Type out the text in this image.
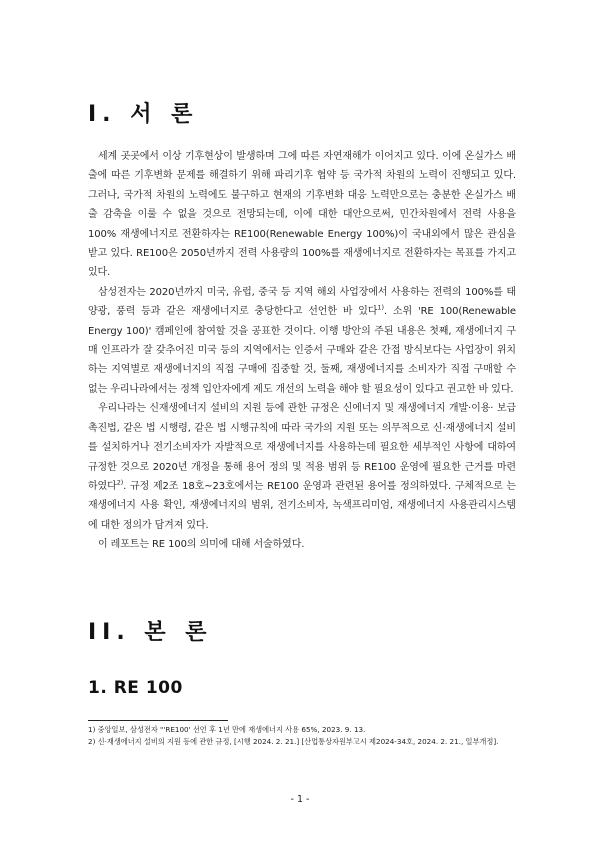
I. 서 론

세계 곳곳에서 이상 기후현상이 발생하며 그에 따른 자연재해가 이어지고 있다. 이에 온실가스 배출에 따른 기후변화 문제를 해결하기 위해 파리기후 협약 등 국가적 차원의 노력이 진행되고 있다. 그러나, 국가적 차원의 노력에도 불구하고 현재의 기후변화 대응 노력만으로는 충분한 온실가스 배출 감축을 이룰 수 없을 것으로 전망되는데, 이에 대한 대안으로써, 민간차원에서 전력 사용을 100% 재생에너지로 전환하자는 RE100(Renewable Energy 100%)이 국내외에서 많은 관심을 받고 있다. RE100은 2050년까지 전력 사용량의 100%를 재생에너지로 전환하자는 목표를 가지고 있다.

삼성전자는 2020년까지 미국, 유럽, 중국 등 지역 해외 사업장에서 사용하는 전력의 100%를 태양광, 풍력 등과 같은 재생에너지로 충당한다고 선언한 바 있다$^{1)}$. 소위 'RE 100(Renewable Energy 100)' 캠페인에 참여할 것을 공표한 것이다. 이행 방안의 주된 내용은 첫째, 재생에너지 구매 인프라가 잘 갖추어진 미국 등의 지역에서는 인증서 구매와 같은 간접 방식보다는 사업장이 위치하는 지역별로 재생에너지의 직접 구매에 집중할 것, 둘째, 재생에너지를 소비자가 직접 구매할 수 없는 우리나라에서는 정책 입안자에게 제도 개선의 노력을 해야 할 필요성이 있다고 권고한 바 있다.

우리나라는 신재생에너지 설비의 지원 등에 관한 규정은 신에너지 및 재생에너지 개발·이용· 보급 촉진법, 같은 법 시행령, 같은 법 시행규칙에 따라 국가의 지원 또는 의무적으로 신·재생에너지 설비를 설치하거나 전기소비자가 자발적으로 재생에너지를 사용하는데 필요한 세부적인 사항에 대하여 규정한 것으로 2020년 개정을 통해 용어 정의 및 적용 범위 등 RE100 운영에 필요한 근거를 마련하였다$^{2)}$. 규정 제2조 18호~23호에서는 RE100 운영과 관련된 용어를 정의하였다. 구체적으로 는 재생에너지 사용 확인, 재생에너지의 범위, 전기소비자, 녹색프리미엄, 재생에너지 사용관리시스템에 대한 정의가 담겨져 있다.

이 레포트는 RE 100의 의미에 대해 서술하였다.

II. 본 론
1. RE 100

1) 중앙일보, 삼성전자 "'RE100' 선언 후 1년 만에 재생에너지 사용 65%, 2023. 9. 13.

2) 신·재생에너지 설비의 지원 등에 관한 규정, [시행 2024. 2. 21.] [산업통상자원부고시 제2024-34호, 2024. 2. 21., 일부개정].

- 1 -
